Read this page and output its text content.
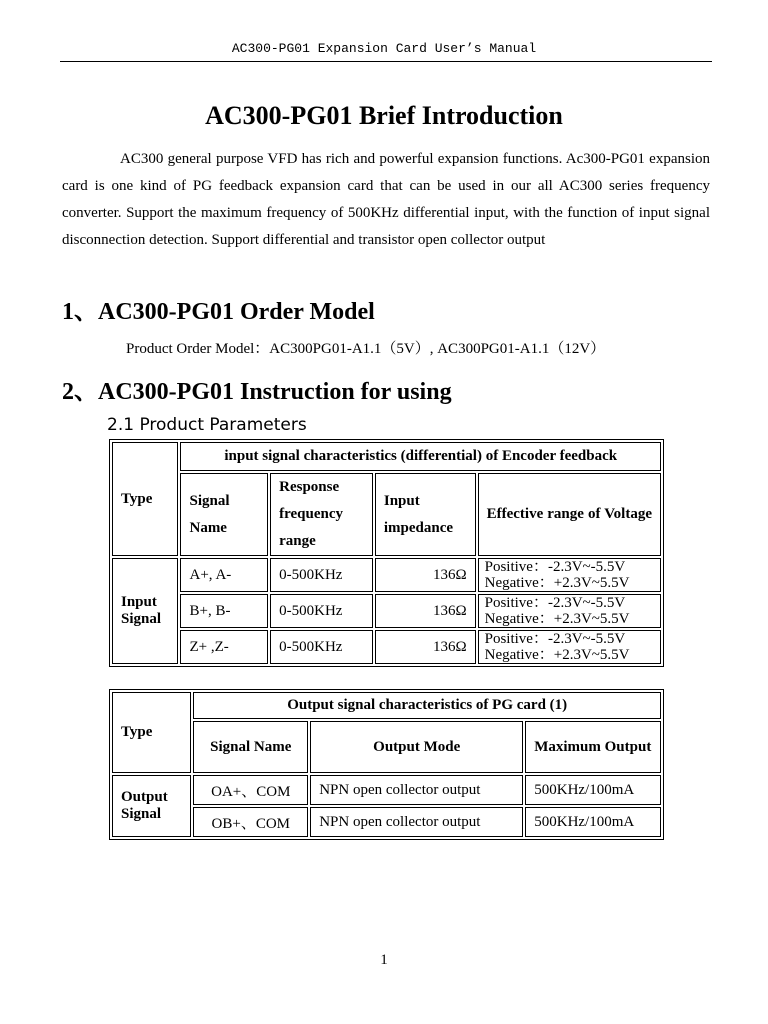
AC300-PG01 Expansion Card User’s Manual
AC300-PG01 Brief Introduction

AC300 general purpose VFD has rich and powerful expansion functions. Ac300-PG01 expansion card is one kind of PG feedback expansion card that can be used in our all AC300 series frequency converter. Support the maximum frequency of 500KHz differential input, with the function of input signal disconnection detection. Support differential and transistor open collector output

1、AC300-PG01 Order Model
Product Order Model：AC300PG01-A1.1（5V）, AC300PG01-A1.1（12V）
2、AC300-PG01 Instruction for using
2.1 Product Parameters
Type	input signal characteristics (differential) of Encoder feedback			
	Signal Name	Response frequency range	Input impedance	Effective range of Voltage
Input Signal	A+, A-	0-500KHz	136Ω	Positive：-2.3V~-5.5V
Negative：+2.3V~5.5V

	B+, B-	0-500KHz	136Ω	Positive：-2.3V~-5.5V
Negative：+2.3V~5.5V

	Z+ ,Z-	0-500KHz	136Ω	Positive：-2.3V~-5.5V
Negative：+2.3V~5.5V
Type	Output signal characteristics of PG card (1)		
	Signal Name	Output Mode	Maximum Output
Output Signal	OA+、COM	NPN open collector output	500KHz/100mA
	OB+、COM	NPN open collector output	500KHz/100mA
1
